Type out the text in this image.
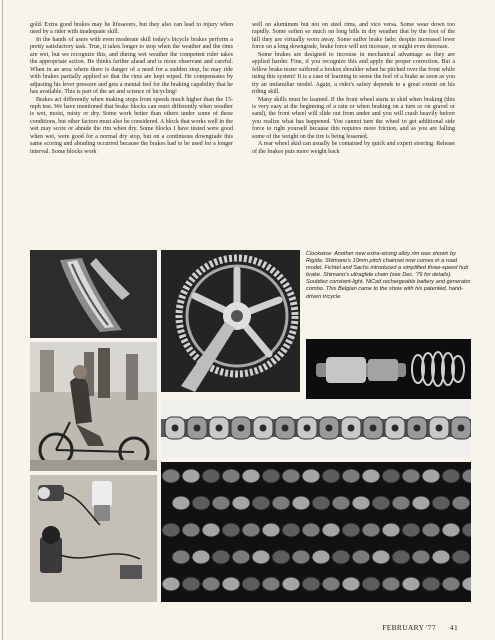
gold. Extra good brakes may be lifesavers, but they also can lead to injury when used by a rider with inadequate skill.

In the hands of users with even moderate skill today's bicycle brakes perform a pretty satisfactory task. True, it takes longer to stop when the weather and the rims are wet, but we recognize this, and during wet weather the competent rider takes the appropriate action. He thinks farther ahead and is more observant and careful. When in an area where there is danger of a need for a sudden stop, he may ride with brakes partially applied so that the rims are kept wiped. He compensates by adjusting his lever pressure and gets a mental feel for the braking capability that he has available. This is part of the art and science of bicycling!

Brakes act differently when making stops from speeds much higher than the 15-mph test. We have mentioned that brake blocks can react differently when weather is wet, moist, misty or dry. Some work better than others under some of these conditions, but other factors must also be considered. A block that works well in the wet may score or abrade the rim when dry. Some blocks I have tested were good when wet, were good for a normal dry stop, but on a continuous downgrade this same scoring and abrading occurred because the brakes had to be used for a longer interval. Some blocks work

well on aluminum but not on steel rims, and vice versa. Some wear down too rapidly. Some soften so much on long hills in dry weather that by the foot of the hill they are virtually worn away. Some suffer brake fade; despite increased lever force on a long downgrade, brake force will not increase, or might even decrease.

Some brakes are designed to increase in mechanical advantage as they are applied harder. Fine, if you recognize this and apply the proper correction. But a fellow brake tester suffered a broken shoulder when he pitched over the front while using this system! It is a case of learning to sense the feel of a brake as soon as you try an unfamiliar model. Again, a rider's safety depends to a great extent on his riding skill.

Many skills must be learned. If the front wheel starts to skid when braking (this is very easy at the beginning of a rain or when braking on a turn or on gravel or sand), the front wheel will slide out from under and you will crash heavily before you realize what has happened. You cannot turn the wheel to get additional side force to right yourself because this requires more friction, and as you are falling some of the weight on the tire is being lessened.

A rear wheel skid can usually be contained by quick and expert steering. Release of the brakes puts more weight back

Clockwise: Another new extra-strong alloy rim was shown by Rigida. Shimano's 10mm pitch chainset now comes in a road model. Fichtel and Sachs introduced a simplified three-speed hub brake. Shimano's ultraglide chain (see Dec. '76 for details). Soubitez constant-light, NiCad rechargeable battery and generator combo. This Belgian came to the show with his patented, hand-driven tricycle.
FEBRUARY '77 41
